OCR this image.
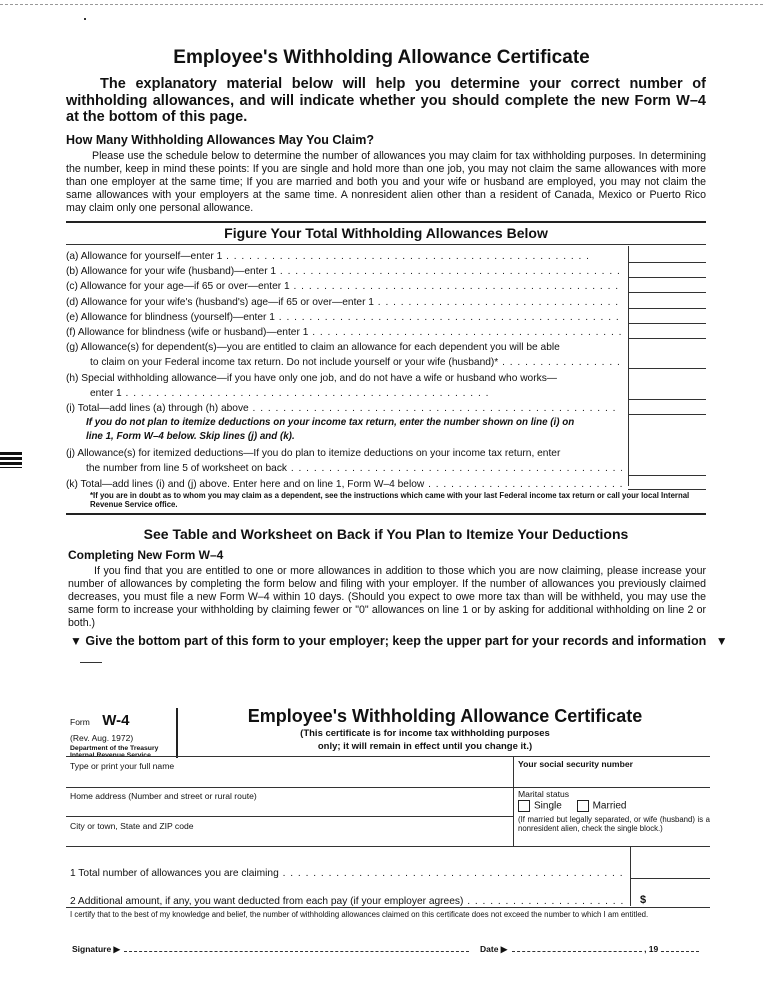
Employee's Withholding Allowance Certificate
The explanatory material below will help you determine your correct number of withholding allowances, and will indicate whether you should complete the new Form W–4 at the bottom of this page.
How Many Withholding Allowances May You Claim?
Please use the schedule below to determine the number of allowances you may claim for tax withholding purposes. In determining the number, keep in mind these points: If you are single and hold more than one job, you may not claim the same allowances with more than one employer at the same time; If you are married and both you and your wife or husband are employed, you may not claim the same allowances with your employers at the same time. A nonresident alien other than a resident of Canada, Mexico or Puerto Rico may claim only one personal allowance.
Figure Your Total Withholding Allowances Below
(a) Allowance for yourself—enter 1 . .
(b) Allowance for your wife (husband)—enter 1 . .
(c) Allowance for your age—if 65 or over—enter 1 . .
(d) Allowance for your wife's (husband's) age—if 65 or over—enter 1 . .
(e) Allowance for blindness (yourself)—enter 1 . .
(f) Allowance for blindness (wife or husband)—enter 1 . .
(g) Allowance(s) for dependent(s)—you are entitled to claim an allowance for each dependent you will be able
to claim on your Federal income tax return. Do not include yourself or your wife (husband)* . .
(h) Special withholding allowance—if you have only one job, and do not have a wife or husband who works—
enter 1 . .
(i) Total—add lines (a) through (h) above . .
If you do not plan to itemize deductions on your income tax return, enter the number shown on line (i) on
line 1, Form W–4 below. Skip lines (j) and (k).
(j) Allowance(s) for itemized deductions—If you do plan to itemize deductions on your income tax return, enter
the number from line 5 of worksheet on back . .
(k) Total—add lines (i) and (j) above. Enter here and on line 1, Form W–4 below . .
*If you are in doubt as to whom you may claim as a dependent, see the instructions which came with your last Federal income tax return or call your local Internal Revenue Service office.
See Table and Worksheet on Back if You Plan to Itemize Your Deductions
Completing New Form W–4
If you find that you are entitled to one or more allowances in addition to those which you are now claiming, please increase your number of allowances by completing the form below and filing with your employer. If the number of allowances you previously claimed decreases, you must file a new Form W–4 within 10 days. (Should you expect to owe more tax than will be withheld, you may use the same form to increase your withholding by claiming fewer or "0" allowances on line 1 or by asking for additional withholding on line 2 or both.)
▼ Give the bottom part of this form to your employer; keep the upper part for your records and information ▼
Form W-4
(Rev. Aug. 1972)
Department of the Treasury
Internal Revenue Service
Employee's Withholding Allowance Certificate
(This certificate is for income tax withholding purposes
only; it will remain in effect until you change it.)
Type or print your full name	Your social security number
Home address (Number and street or rural route)	Marital status
Single	Married
City or town, State and ZIP code
(If married but legally separated, or wife (husband) is a nonresident alien, check the single block.)
1 Total number of allowances you are claiming . .
2 Additional amount, if any, you want deducted from each pay (if your employer agrees) . .	$
I certify that to the best of my knowledge and belief, the number of withholding allowances claimed on this certificate does not exceed the number to which I am entitled.
Signature ▶	Date ▶	, 19
